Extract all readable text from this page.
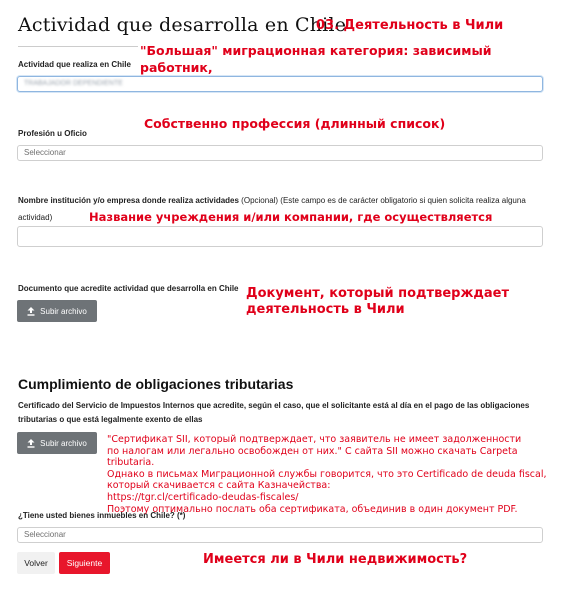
Actividad que desarrolla en Chile
03. Деятельность в Чили
"Большая" миграционная категория: зависимый работник,
Actividad que realiza en Chile
TRABAJADOR DEPENDIENTE
Собственно профессия (длинный список)
Profesión u Oficio
Seleccionar
Nombre institución y/o empresa donde realiza actividades (Opcional) (Este campo es de carácter obligatorio si quien solicita realiza alguna
actividad)	Название учреждения и/или компании, где осуществляется
Documento que acredite actividad que desarrolla en Chile
Subir archivo
Документ, который подтверждает
деятельность в Чили
Cumplimiento de obligaciones tributarias
Certificado del Servicio de Impuestos Internos que acredite, según el caso, que el solicitante está al día en el pago de las obligaciones
tributarias o que está legalmente exento de ellas
Subir archivo "Сертификат SII, который подтверждает, что заявитель не имеет задолженности
по налогам или легально освобожден от них." С сайта SII можно скачать Carpeta tributaria.
Однако в письмах Миграционной службы говорится, что это Certificado de deuda fiscal,
который скачивается с сайта Казначейства:
https://tgr.cl/certificado-deudas-fiscales/
Поэтому оптимально послать оба сертификата, объединив в один документ PDF.
¿Tiene usted bienes inmuebles en Chile? (*)
Seleccionar
Volver	Siguiente	Имеется ли в Чили недвижимость?
